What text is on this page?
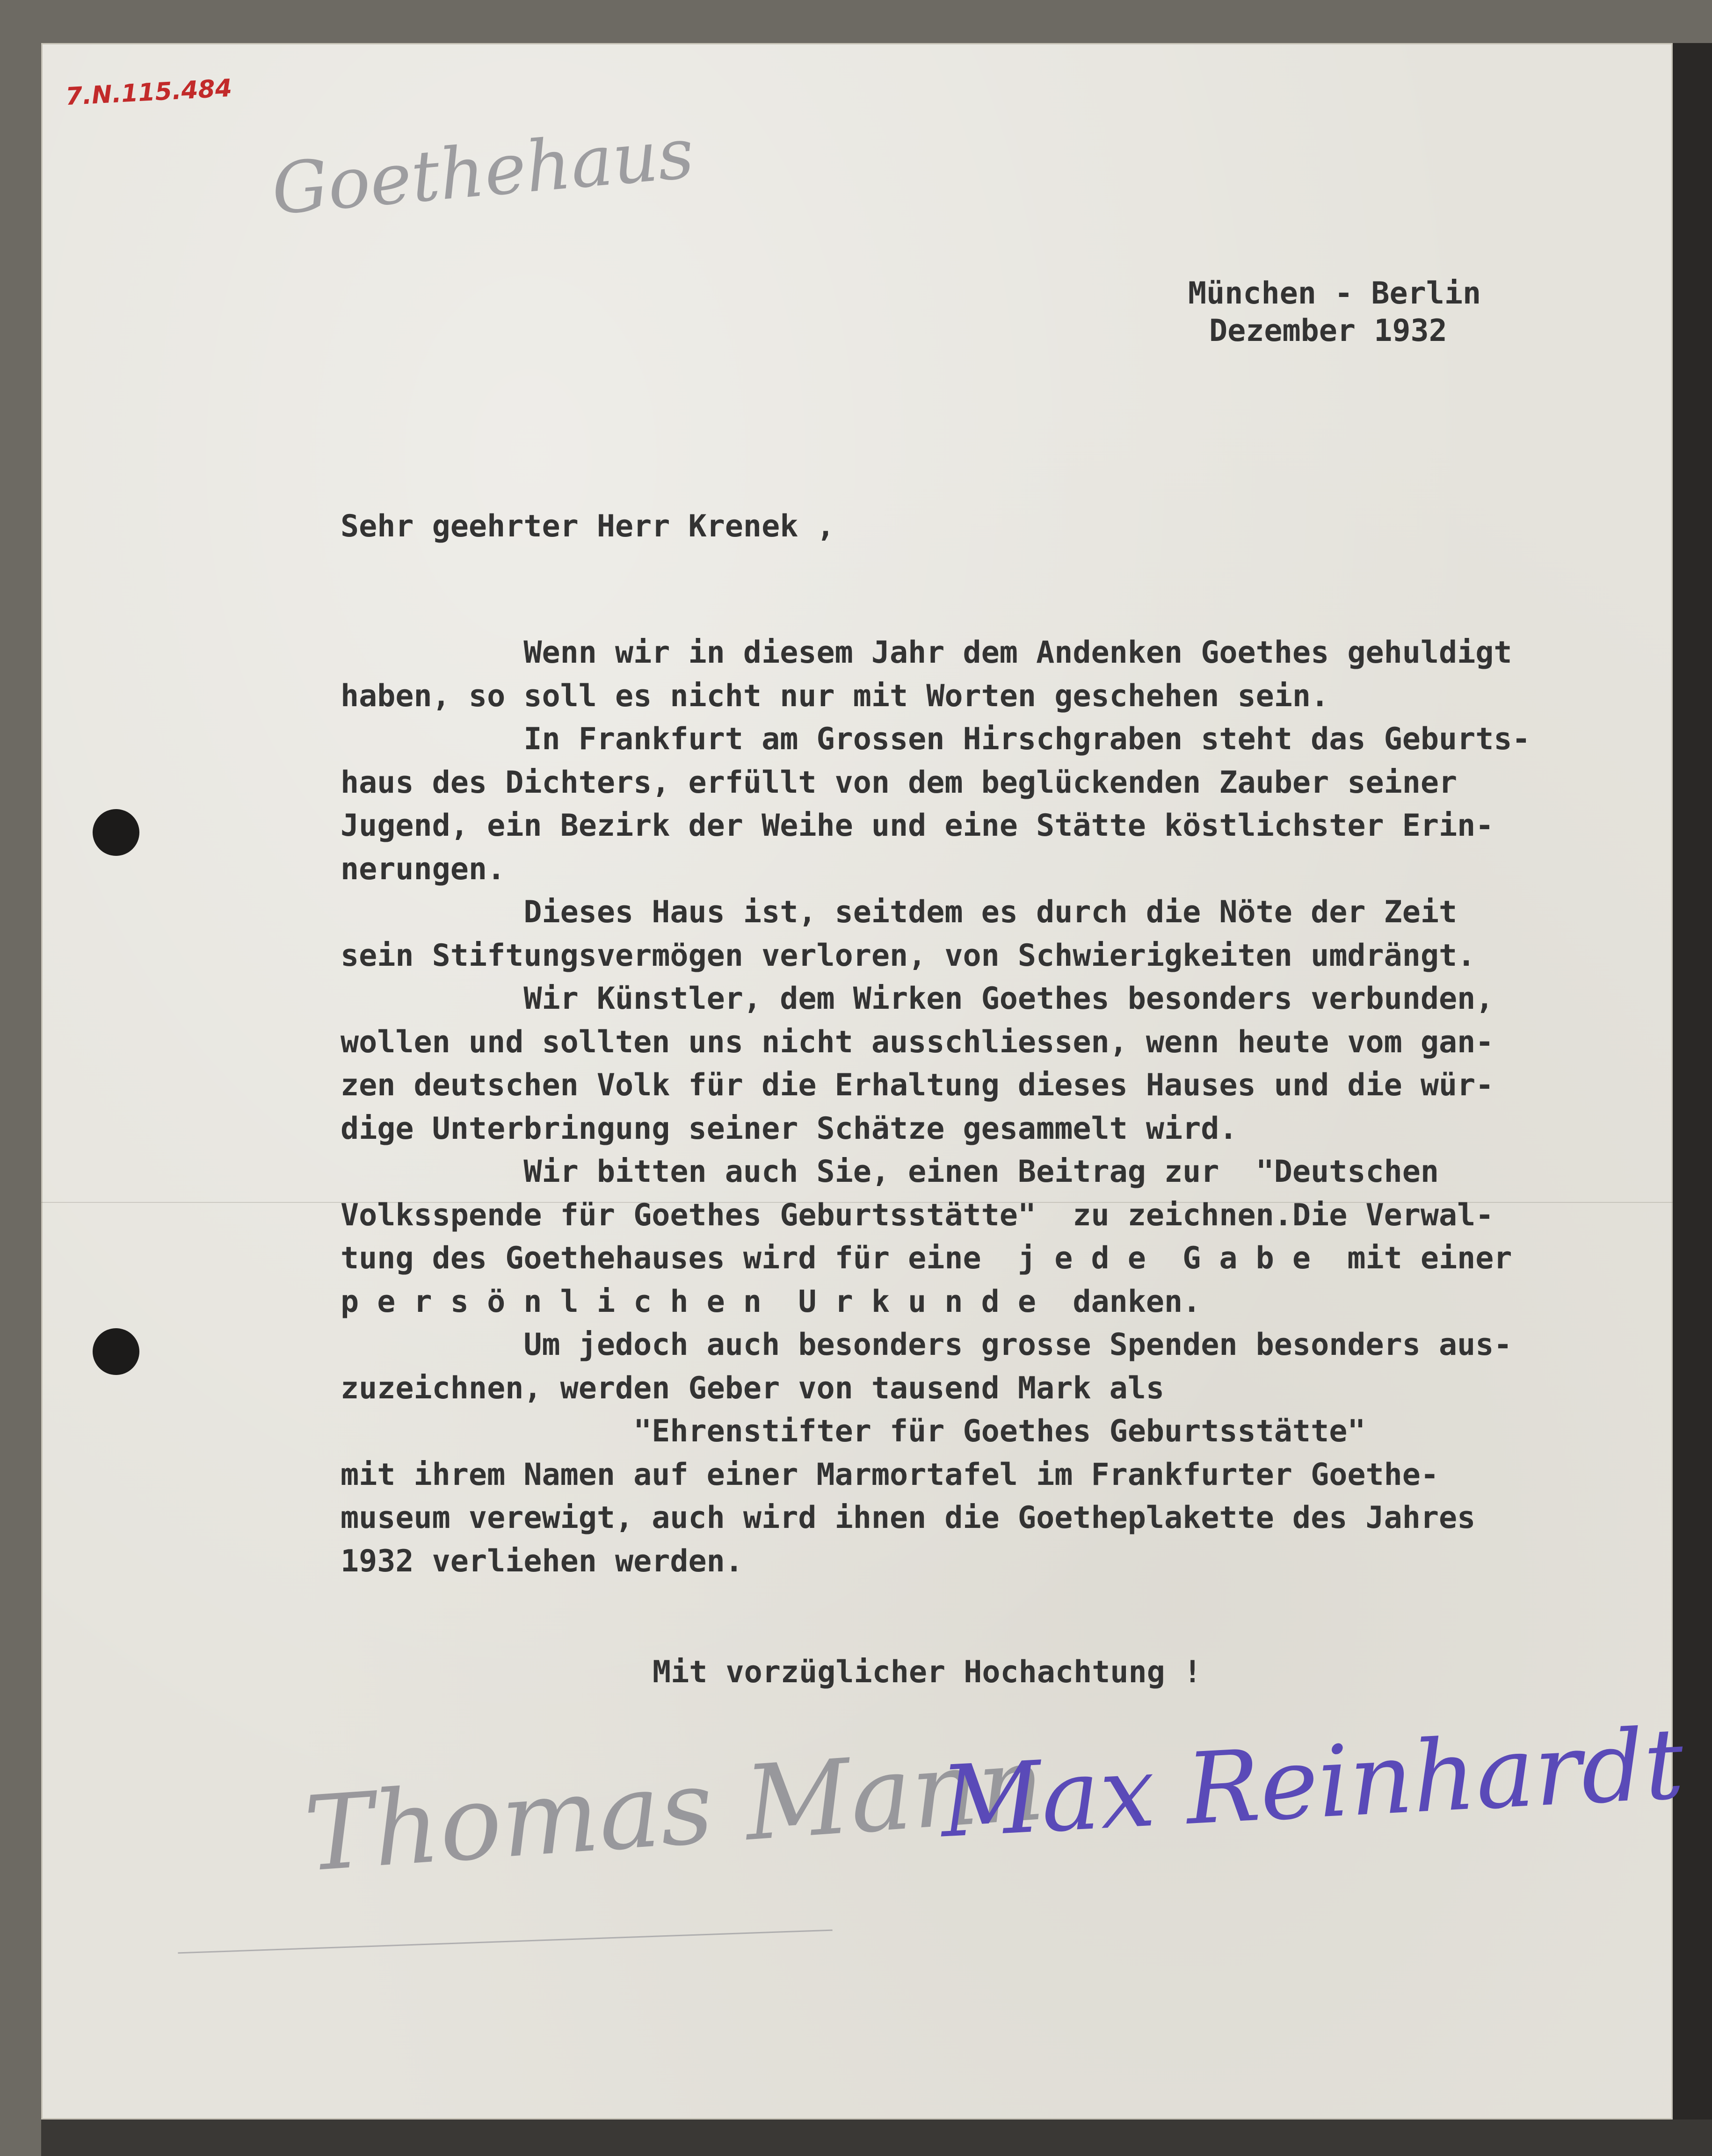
7.N.115.484
Goethehaus
München - Berlin
Dezember 1932
Sehr geehrter Herr Krenek ,
Wenn wir in diesem Jahr dem Andenken Goethes gehuldigt
haben, so soll es nicht nur mit Worten geschehen sein.
In Frankfurt am Grossen Hirschgraben steht das Geburts-
haus des Dichters, erfüllt von dem beglückenden Zauber seiner
Jugend, ein Bezirk der Weihe und eine Stätte köstlichster Erin-
nerungen.
Dieses Haus ist, seitdem es durch die Nöte der Zeit
sein Stiftungsvermögen verloren, von Schwierigkeiten umdrängt.
Wir Künstler, dem Wirken Goethes besonders verbunden,
wollen und sollten uns nicht ausschliessen, wenn heute vom gan-
zen deutschen Volk für die Erhaltung dieses Hauses und die wür-
dige Unterbringung seiner Schätze gesammelt wird.
Wir bitten auch Sie, einen Beitrag zur  "Deutschen
Volksspende für Goethes Geburtsstätte"  zu zeichnen.Die Verwal-
tung des Goethehauses wird für eine  j e d e  G a b e  mit einer
p e r s ö n l i c h e n  U r k u n d e  danken.
Um jedoch auch besonders grosse Spenden besonders aus-
zuzeichnen, werden Geber von tausend Mark als
"Ehrenstifter für Goethes Geburtsstätte"
mit ihrem Namen auf einer Marmortafel im Frankfurter Goethe-
museum verewigt, auch wird ihnen die Goetheplakette des Jahres
1932 verliehen werden.
Mit vorzüglicher Hochachtung !
Thomas Mann
Max Reinhardt
